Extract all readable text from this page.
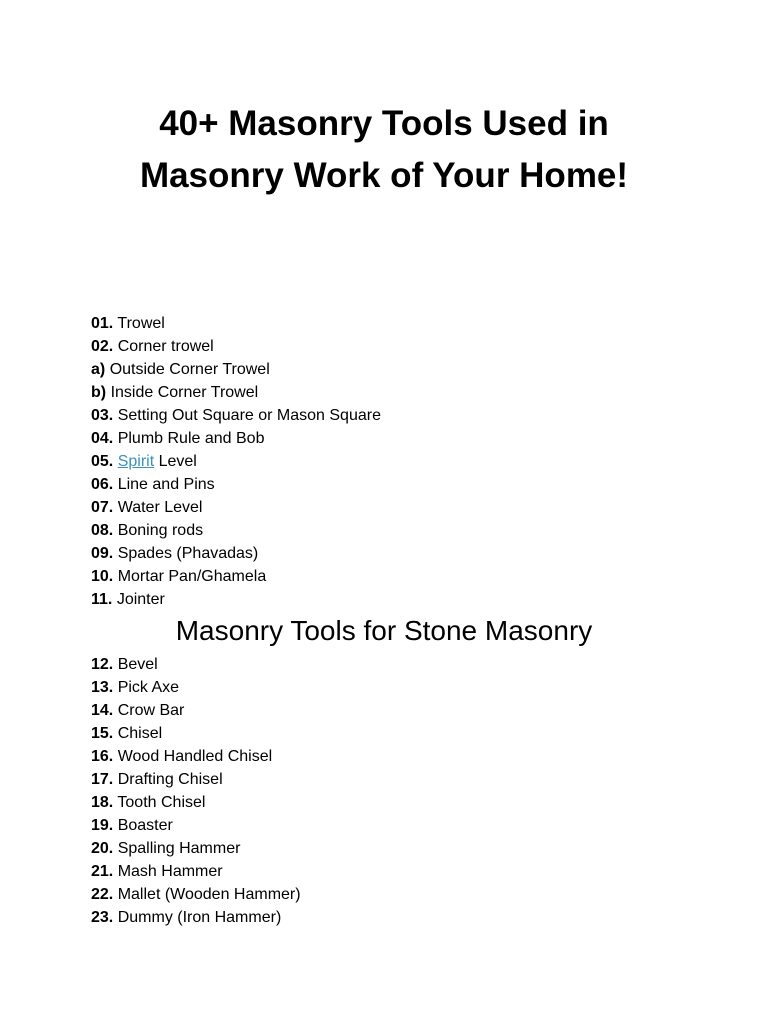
40+ Masonry Tools Used in
Masonry Work of Your Home!
01. Trowel
02. Corner trowel
a) Outside Corner Trowel
b) Inside Corner Trowel
03. Setting Out Square or Mason Square
04. Plumb Rule and Bob
05. Spirit Level
06. Line and Pins
07. Water Level
08. Boning rods
09. Spades (Phavadas)
10. Mortar Pan/Ghamela
11. Jointer
Masonry Tools for Stone Masonry
12. Bevel
13. Pick Axe
14. Crow Bar
15. Chisel
16. Wood Handled Chisel
17. Drafting Chisel
18. Tooth Chisel
19. Boaster
20. Spalling Hammer
21. Mash Hammer
22. Mallet (Wooden Hammer)
23. Dummy (Iron Hammer)
